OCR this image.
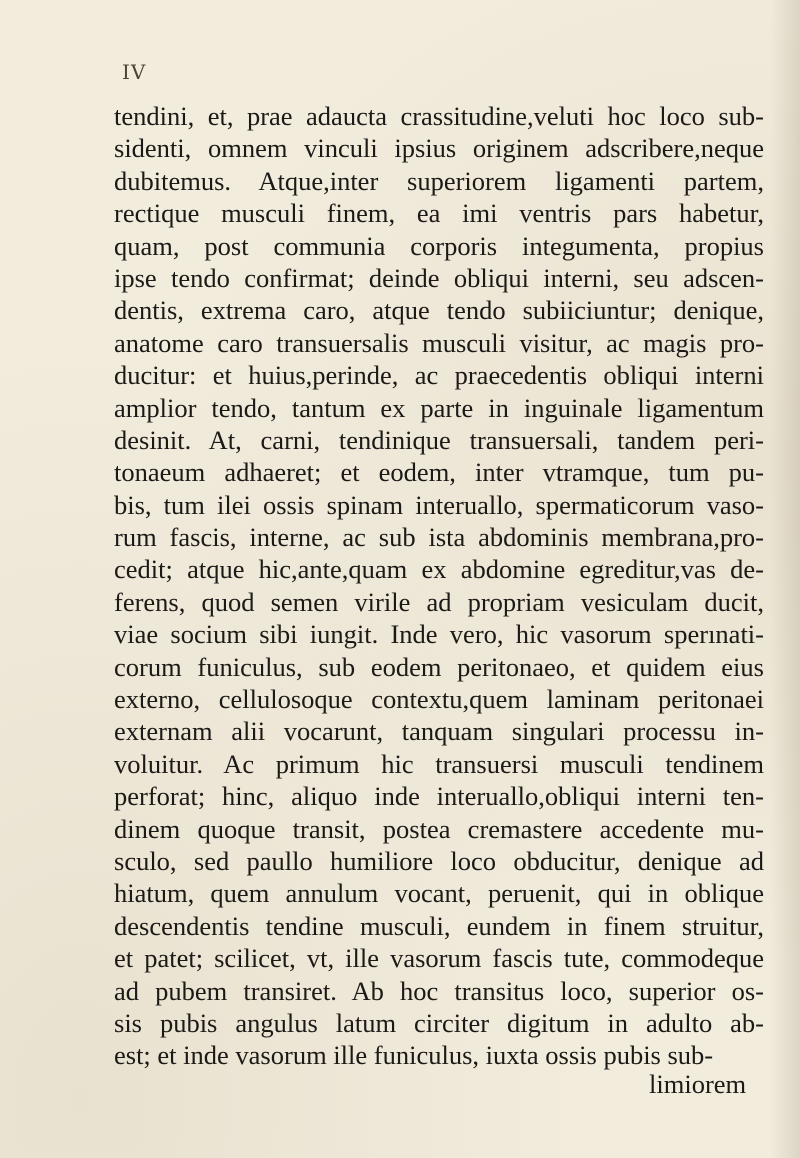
IV
tendini, et, prae adaucta crassitudine,veluti hoc loco sub-
sidenti, omnem vinculi ipsius originem adscribere,neque
dubitemus. Atque,inter superiorem ligamenti partem,
rectique musculi finem, ea imi ventris pars habetur,
quam, post communia corporis integumenta, propius
ipse tendo confirmat; deinde obliqui interni, seu adscen-
dentis, extrema caro, atque tendo subiiciuntur; denique,
anatome caro transuersalis musculi visitur, ac magis pro-
ducitur: et huius,perinde, ac praecedentis obliqui interni
amplior tendo, tantum ex parte in inguinale ligamentum
desinit. At, carni, tendinique transuersali, tandem peri-
tonaeum adhaeret; et eodem, inter vtramque, tum pu-
bis, tum ilei ossis spinam interuallo, spermaticorum vaso-
rum fascis, interne, ac sub ista abdominis membrana,pro-
cedit; atque hic,ante,quam ex abdomine egreditur,vas de-
ferens, quod semen virile ad propriam vesiculam ducit,
viae socium sibi iungit. Inde vero, hic vasorum sperınati-
corum funiculus, sub eodem peritonaeo, et quidem eius
externo, cellulosoque contextu,quem laminam peritonaei
externam alii vocarunt, tanquam singulari processu in-
voluitur. Ac primum hic transuersi musculi tendinem
perforat; hinc, aliquo inde interuallo,obliqui interni ten-
dinem quoque transit, postea cremastere accedente mu-
sculo, sed paullo humiliore loco obducitur, denique ad
hiatum, quem annulum vocant, peruenit, qui in oblique
descendentis tendine musculi, eundem in finem struitur,
et patet; scilicet, vt, ille vasorum fascis tute, commodeque
ad pubem transiret. Ab hoc transitus loco, superior os-
sis pubis angulus latum circiter digitum in adulto ab-
est; et inde vasorum ille funiculus, iuxta ossis pubis sub-
limiorem
